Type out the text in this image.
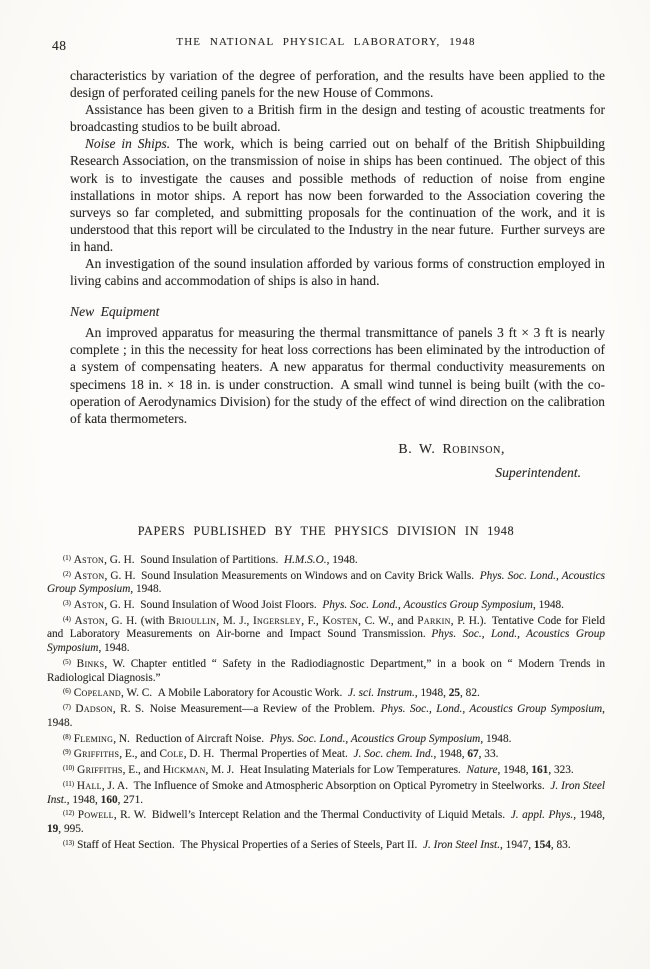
48	THE NATIONAL PHYSICAL LABORATORY, 1948

characteristics by variation of the degree of perforation, and the results have been applied to the design of perforated ceiling panels for the new House of Commons.

Assistance has been given to a British firm in the design and testing of acoustic treatments for broadcasting studios to be built abroad.

Noise in Ships. The work, which is being carried out on behalf of the British Shipbuilding Research Association, on the transmission of noise in ships has been continued. The object of this work is to investigate the causes and possible methods of reduction of noise from engine installations in motor ships. A report has now been forwarded to the Association covering the surveys so far completed, and submitting proposals for the continuation of the work, and it is understood that this report will be circulated to the Industry in the near future. Further surveys are in hand.

An investigation of the sound insulation afforded by various forms of construction employed in living cabins and accommodation of ships is also in hand.

New Equipment

An improved apparatus for measuring the thermal transmittance of panels 3 ft × 3 ft is nearly complete ; in this the necessity for heat loss corrections has been eliminated by the introduction of a system of compensating heaters. A new apparatus for thermal conductivity measurements on specimens 18 in. × 18 in. is under construction. A small wind tunnel is being built (with the co-operation of Aerodynamics Division) for the study of the effect of wind direction on the calibration of kata thermometers.

B. W. Robinson,
Superintendent.
PAPERS PUBLISHED BY THE PHYSICS DIVISION IN 1948

$^{(1)}$ Aston, G. H. Sound Insulation of Partitions. H.M.S.O., 1948.

$^{(2)}$ Aston, G. H. Sound Insulation Measurements on Windows and on Cavity Brick Walls. Phys. Soc. Lond., Acoustics Group Symposium, 1948.

$^{(3)}$ Aston, G. H. Sound Insulation of Wood Joist Floors. Phys. Soc. Lond., Acoustics Group Symposium, 1948.

$^{(4)}$ Aston, G. H. (with Brioullin, M. J., Ingersley, F., Kosten, C. W., and Parkin, P. H.). Tentative Code for Field and Laboratory Measurements on Air-borne and Impact Sound Transmission. Phys. Soc., Lond., Acoustics Group Symposium, 1948.

$^{(5)}$ Binks, W. Chapter entitled “ Safety in the Radiodiagnostic Department,” in a book on “ Modern Trends in Radiological Diagnosis.”

$^{(6)}$ Copeland, W. C. A Mobile Laboratory for Acoustic Work. J. sci. Instrum., 1948, 25, 82.

$^{(7)}$ Dadson, R. S. Noise Measurement—a Review of the Problem. Phys. Soc., Lond., Acoustics Group Symposium, 1948.

$^{(8)}$ Fleming, N. Reduction of Aircraft Noise. Phys. Soc. Lond., Acoustics Group Symposium, 1948.

$^{(9)}$ Griffiths, E., and Cole, D. H. Thermal Properties of Meat. J. Soc. chem. Ind., 1948, 67, 33.

$^{(10)}$ Griffiths, E., and Hickman, M. J. Heat Insulating Materials for Low Temperatures. Nature, 1948, 161, 323.

$^{(11)}$ Hall, J. A. The Influence of Smoke and Atmospheric Absorption on Optical Pyrometry in Steelworks. J. Iron Steel Inst., 1948, 160, 271.

$^{(12)}$ Powell, R. W. Bidwell’s Intercept Relation and the Thermal Conductivity of Liquid Metals. J. appl. Phys., 1948, 19, 995.

$^{(13)}$ Staff of Heat Section. The Physical Properties of a Series of Steels, Part II. J. Iron Steel Inst., 1947, 154, 83.
